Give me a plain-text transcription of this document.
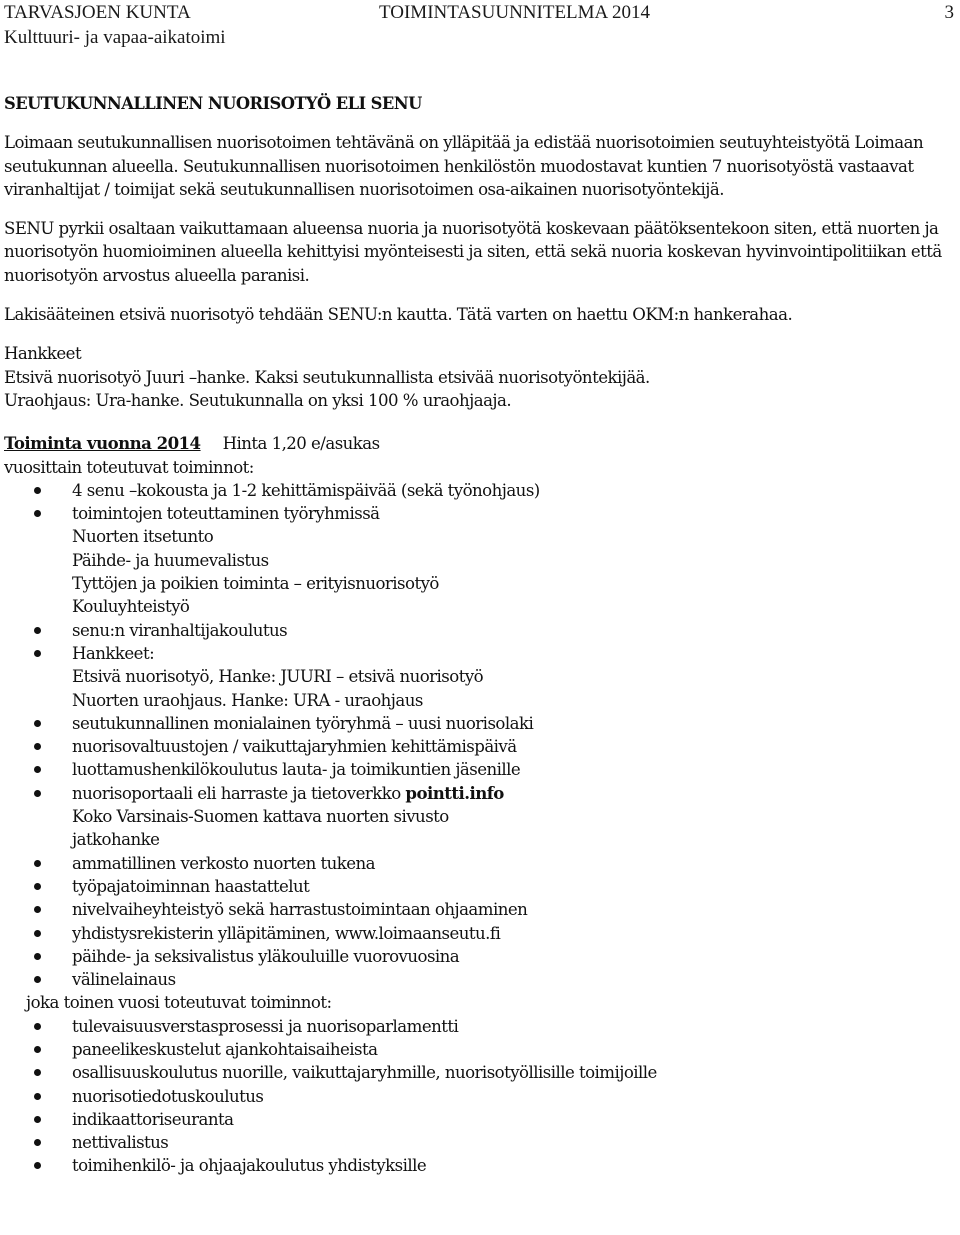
TARVASJOEN KUNTA
Kulttuuri- ja vapaa-aikatoimi
TOIMINTASUUNNITELMA 2014	3
SEUTUKUNNALLINEN NUORISOTYÖ ELI SENU

Loimaan seutukunnallisen nuorisotoimen tehtävänä on ylläpitää ja edistää nuorisotoimien seutuyhteistyötä Loimaan seutukunnan alueella. Seutukunnallisen nuorisotoimen henkilöstön muodostavat kuntien 7 nuorisotyöstä vastaavat viranhaltijat / toimijat sekä seutukunnallisen nuorisotoimen osa-aikainen nuorisotyöntekijä.

SENU pyrkii osaltaan vaikuttamaan alueensa nuoria ja nuorisotyötä koskevaan päätöksentekoon siten, että nuorten ja nuorisotyön huomioiminen alueella kehittyisi myönteisesti ja siten, että sekä nuoria koskevan hyvinvointipolitiikan että nuorisotyön arvostus alueella paranisi.

Lakisääteinen etsivä nuorisotyö tehdään SENU:n kautta. Tätä varten on haettu OKM:n hankerahaa.

Hankkeet

Etsivä nuorisotyö Juuri –hanke. Kaksi seutukunnallista etsivää nuorisotyöntekijää.

Uraohjaus: Ura-hanke. Seutukunnalla on yksi 100 % uraohjaaja.

Toiminta vuonna 2014 Hinta 1,20 e/asukas

vuosittain toteutuvat toiminnot:

4 senu –kokousta ja 1-2 kehittämispäivää (sekä työnohjaus)
toimintojen toteuttaminen työryhmissä
Nuorten itsetunto
Päihde- ja huumevalistus
Tyttöjen ja poikien toiminta – erityisnuorisotyö
Kouluyhteistyö
senu:n viranhaltijakoulutus
Hankkeet:
Etsivä nuorisotyö, Hanke: JUURI – etsivä nuorisotyö
Nuorten uraohjaus. Hanke: URA - uraohjaus
seutukunnallinen monialainen työryhmä – uusi nuorisolaki
nuorisovaltuustojen / vaikuttajaryhmien kehittämispäivä
luottamushenkilökoulutus lauta- ja toimikuntien jäsenille
nuorisoportaali eli harraste ja tietoverkko pointti.info
Koko Varsinais-Suomen kattava nuorten sivusto
jatkohanke
ammatillinen verkosto nuorten tukena
työpajatoiminnan haastattelut
nivelvaiheyhteistyö sekä harrastustoimintaan ohjaaminen
yhdistysrekisterin ylläpitäminen, www.loimaanseutu.fi
päihde- ja seksivalistus yläkouluille vuorovuosina
välinelainaus

joka toinen vuosi toteutuvat toiminnot:

tulevaisuusverstasprosessi ja nuorisoparlamentti
paneelikeskustelut ajankohtaisaiheista
osallisuuskoulutus nuorille, vaikuttajaryhmille, nuorisotyöllisille toimijoille
nuorisotiedotuskoulutus
indikaattoriseuranta
nettivalistus
toimihenkilö- ja ohjaajakoulutus yhdistyksille
